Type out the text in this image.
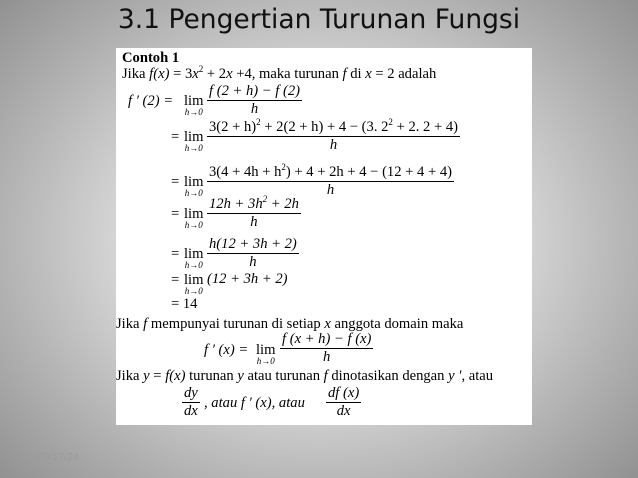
3.1 Pengertian Turunan Fungsi
Contoh 1
Jika $f(x) = 3x^2 + 2x +4$, maka turunan f di x = 2 adalah
f ′ (2) = lim
$h\to 0 \frac{f (2 + h) - f (2)}{h}$
= lim
$h\to 0 \frac{3(2 + h)^2 + 2(2 + h) + 4 - (3. 2^2 + 2. 2 + 4)}{h}$
= lim
$h\to 0 \frac{3(4 + 4h + h^2) + 4 + 2h + 4 - (12 + 4 + 4)}{h}$
= lim
$h\to 0 \frac{12h + 3h^2 + 2h}{h}$
= lim
$h\to 0 \frac{h(12 + 3h + 2)}{h}$
= lim
h→0
(12 + 3h + 2)
= 14
Jika f mempunyai turunan di setiap x anggota domain maka
f ′ (x) = lim
$h\to 0 \frac{f (x + h) - f (x)}{h}$
Jika y = f(x) turunan y atau turunan f dinotasikan dengan y ′, atau
$\frac{dy}{dx}$ , atau f ′ (x), atau $\frac{df (x)}{dx}$
09/17/24
